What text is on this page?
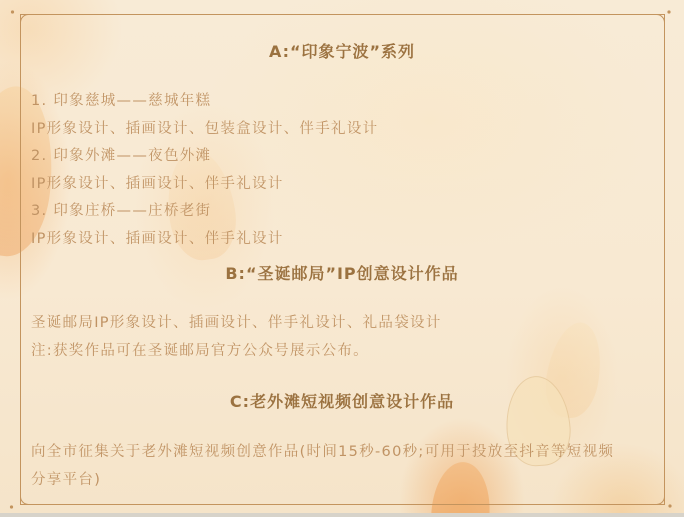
A:“印象宁波”系列
1. 印象慈城——慈城年糕
IP形象设计、插画设计、包装盒设计、伴手礼设计
2. 印象外滩——夜色外滩
IP形象设计、插画设计、伴手礼设计
3. 印象庄桥——庄桥老街
IP形象设计、插画设计、伴手礼设计
B:“圣诞邮局”IP创意设计作品
圣诞邮局IP形象设计、插画设计、伴手礼设计、礼品袋设计
注:获奖作品可在圣诞邮局官方公众号展示公布。
C:老外滩短视频创意设计作品
向全市征集关于老外滩短视频创意作品(时间15秒-60秒;可用于投放至抖音等短视频
分享平台)
